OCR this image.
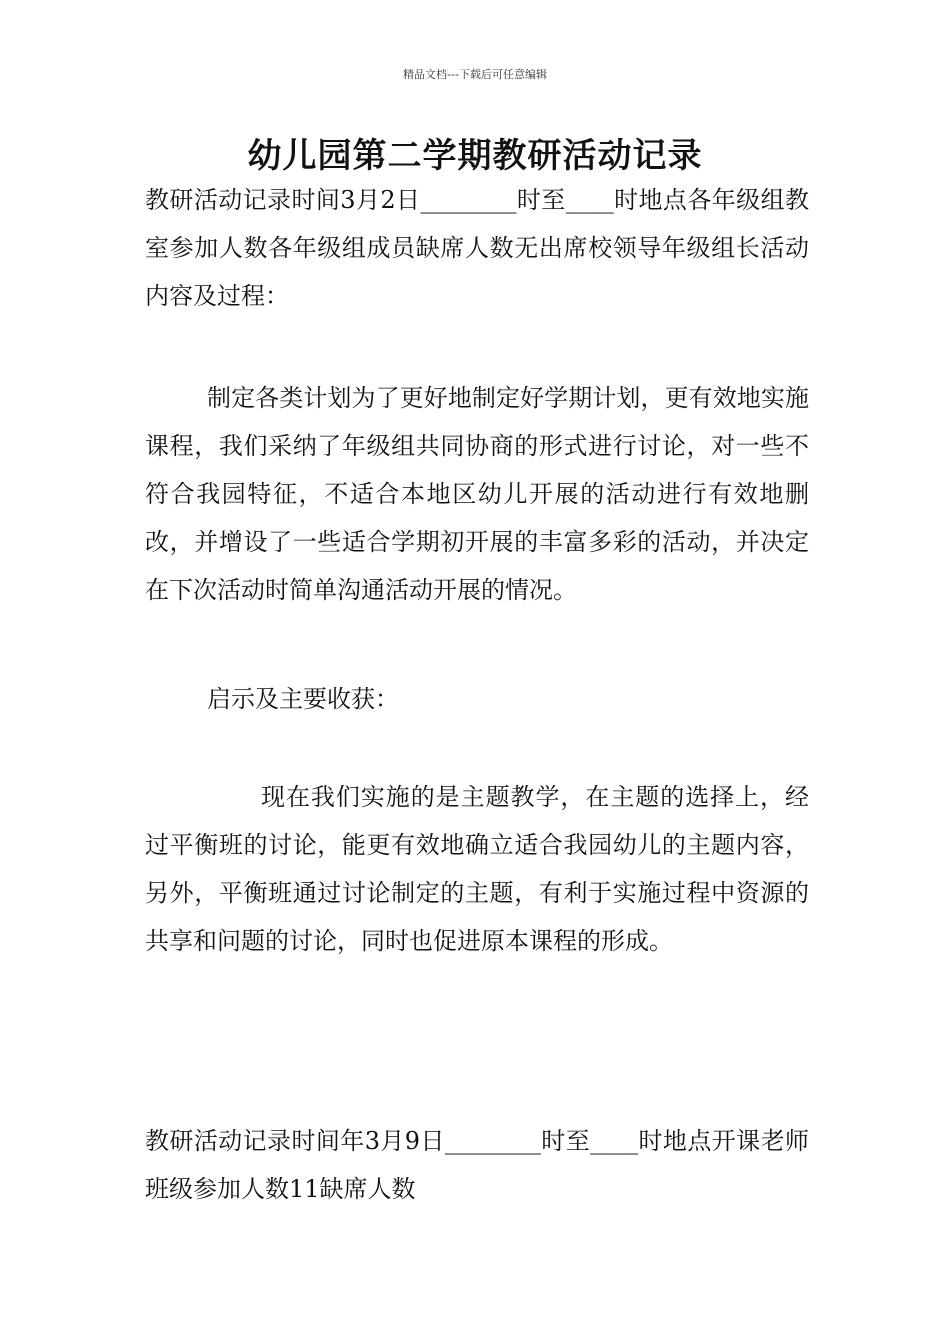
精品文档---下载后可任意编辑
幼儿园第二学期教研活动记录

教研活动记录时间3月2日________时至____时地点各年级组教室参加人数各年级组成员缺席人数无出席校领导年级组长活动内容及过程：

制定各类计划为了更好地制定好学期计划，更有效地实施课程，我们采纳了年级组共同协商的形式进行讨论，对一些不符合我园特征，不适合本地区幼儿开展的活动进行有效地删改，并增设了一些适合学期初开展的丰富多彩的活动，并决定在下次活动时简单沟通活动开展的情况。

启示及主要收获：

现在我们实施的是主题教学，在主题的选择上，经过平衡班的讨论，能更有效地确立适合我园幼儿的主题内容，另外，平衡班通过讨论制定的主题，有利于实施过程中资源的共享和问题的讨论，同时也促进原本课程的形成。

教研活动记录时间年3月9日________时至____时地点开课老师班级参加人数11缺席人数
